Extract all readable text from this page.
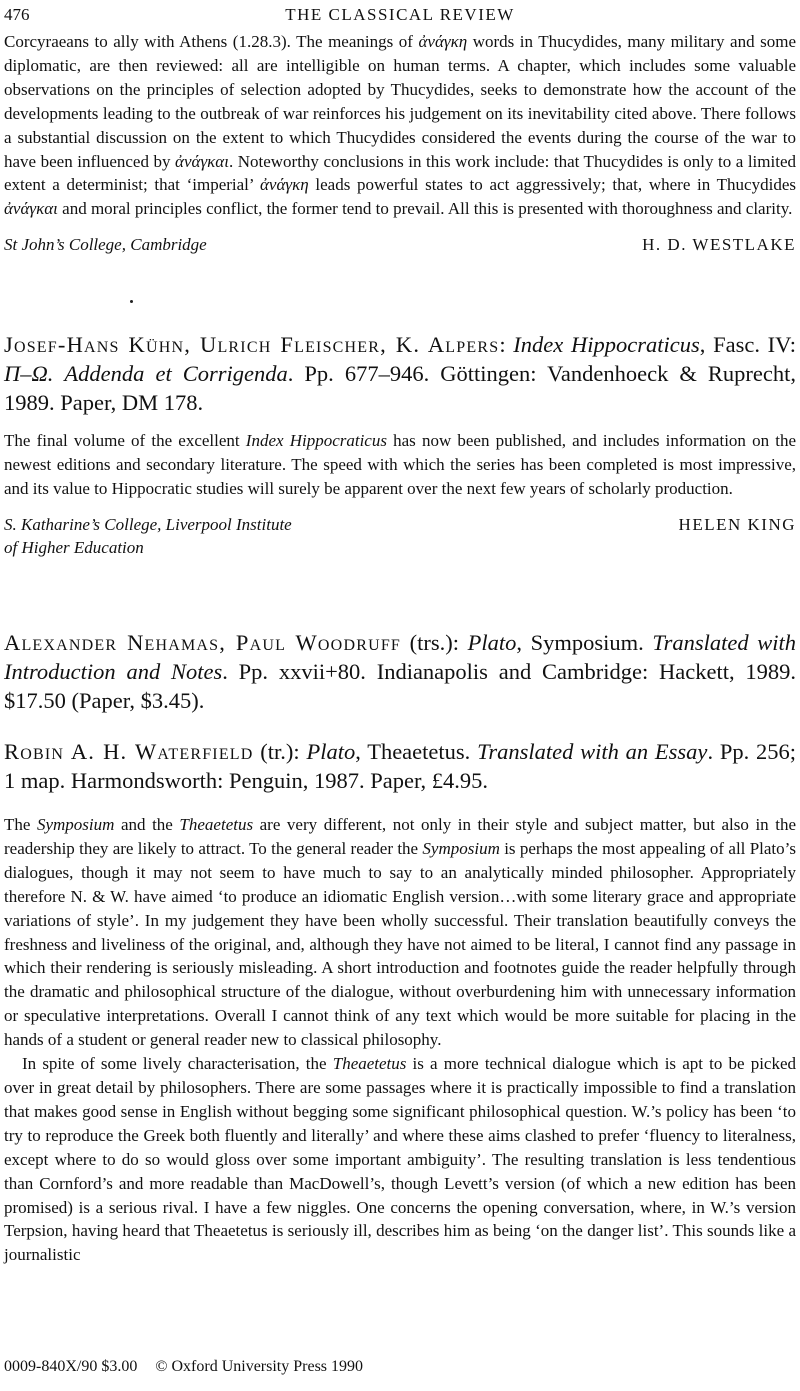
476	THE CLASSICAL REVIEW

Corcyraeans to ally with Athens (1.28.3). The meanings of ἀνάγκη words in Thucydides, many military and some diplomatic, are then reviewed: all are intelligible on human terms. A chapter, which includes some valuable observations on the principles of selection adopted by Thucydides, seeks to demonstrate how the account of the developments leading to the outbreak of war reinforces his judgement on its inevitability cited above. There follows a substantial discussion on the extent to which Thucydides considered the events during the course of the war to have been influenced by ἀνάγκαι. Noteworthy conclusions in this work include: that Thucydides is only to a limited extent a determinist; that ‘imperial’ ἀνάγκη leads powerful states to act aggressively; that, where in Thucydides ἀνάγκαι and moral principles conflict, the former tend to prevail. All this is presented with thoroughness and clarity.

St John’s College, Cambridge	H. D. WESTLAKE
Josef-Hans Kühn, Ulrich Fleischer, K. Alpers: Index Hippocraticus, Fasc. IV: Π–Ω. Addenda et Corrigenda. Pp. 677–946. Göttingen: Vandenhoeck & Ruprecht, 1989. Paper, DM 178.

The final volume of the excellent Index Hippocraticus has now been published, and includes information on the newest editions and secondary literature. The speed with which the series has been completed is most impressive, and its value to Hippocratic studies will surely be apparent over the next few years of scholarly production.

S. Katharine’s College, Liverpool Institute
of Higher Education
HELEN KING
Alexander Nehamas, Paul Woodruff (trs.): Plato, Symposium. Translated with Introduction and Notes. Pp. xxvii+80. Indianapolis and Cambridge: Hackett, 1989. $17.50 (Paper, $3.45).
Robin A. H. Waterfield (tr.): Plato, Theaetetus. Translated with an Essay. Pp. 256; 1 map. Harmondsworth: Penguin, 1987. Paper, £4.95.

The Symposium and the Theaetetus are very different, not only in their style and subject matter, but also in the readership they are likely to attract. To the general reader the Symposium is perhaps the most appealing of all Plato’s dialogues, though it may not seem to have much to say to an analytically minded philosopher. Appropriately therefore N. & W. have aimed ‘to produce an idiomatic English version…with some literary grace and appropriate variations of style’. In my judgement they have been wholly successful. Their translation beautifully conveys the freshness and liveliness of the original, and, although they have not aimed to be literal, I cannot find any passage in which their rendering is seriously misleading. A short introduction and footnotes guide the reader helpfully through the dramatic and philosophical structure of the dialogue, without overburdening him with unnecessary information or speculative interpretations. Overall I cannot think of any text which would be more suitable for placing in the hands of a student or general reader new to classical philosophy.

In spite of some lively characterisation, the Theaetetus is a more technical dialogue which is apt to be picked over in great detail by philosophers. There are some passages where it is practically impossible to find a translation that makes good sense in English without begging some significant philosophical question. W.’s policy has been ‘to try to reproduce the Greek both fluently and literally’ and where these aims clashed to prefer ‘fluency to literalness, except where to do so would gloss over some important ambiguity’. The resulting translation is less tendentious than Cornford’s and more readable than MacDowell’s, though Levett’s version (of which a new edition has been promised) is a serious rival. I have a few niggles. One concerns the opening conversation, where, in W.’s version Terpsion, having heard that Theaetetus is seriously ill, describes him as being ‘on the danger list’. This sounds like a journalistic

0009-840X/90 $3.00 © Oxford University Press 1990
